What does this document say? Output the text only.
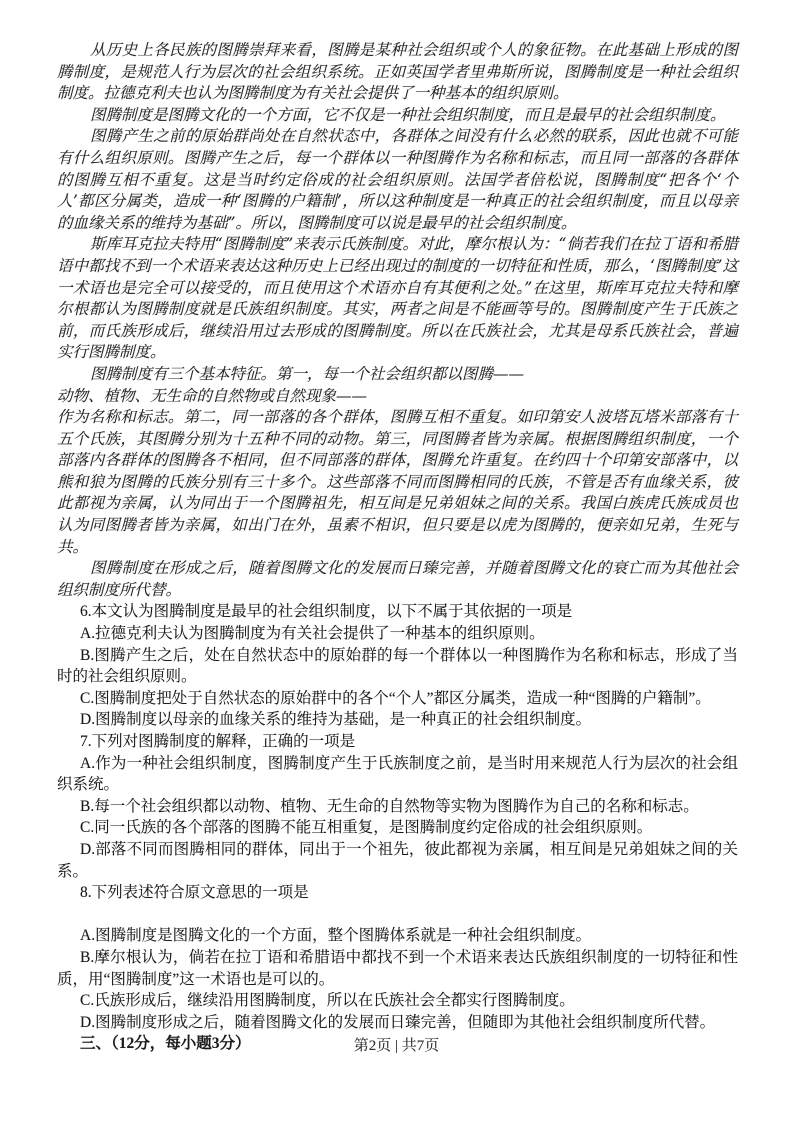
从历史上各民族的图腾崇拜来看，图腾是某种社会组织或个人的象征物。在此基础上形成的图腾制度，是规范人行为层次的社会组织系统。正如英国学者里弗斯所说，图腾制度是一种社会组织制度。拉德克利夫也认为图腾制度为有关社会提供了一种基本的组织原则。

图腾制度是图腾文化的一个方面，它不仅是一种社会组织制度，而且是最早的社会组织制度。

图腾产生之前的原始群尚处在自然状态中，各群体之间没有什么必然的联系，因此也就不可能有什么组织原则。图腾产生之后，每一个群体以一种图腾作为名称和标志，而且同一部落的各群体的图腾互相不重复。这是当时约定俗成的社会组织原则。法国学者倍松说，图腾制度“把各个‘个人’都区分属类，造成一种‘图腾的户籍制’，所以这种制度是一种真正的社会组织制度，而且以母亲的血缘关系的维持为基础”。所以，图腾制度可以说是最早的社会组织制度。

斯库耳克拉夫特用“图腾制度”来表示氏族制度。对此，摩尔根认为：“倘若我们在拉丁语和希腊语中都找不到一个术语来表达这种历史上已经出现过的制度的一切特征和性质，那么，‘图腾制度’这一术语也是完全可以接受的，而且使用这个术语亦自有其便利之处。”在这里，斯库耳克拉夫特和摩尔根都认为图腾制度就是氏族组织制度。其实，两者之间是不能画等号的。图腾制度产生于氏族之前，而氏族形成后，继续沿用过去形成的图腾制度。所以在氏族社会，尤其是母系氏族社会，普遍实行图腾制度。

图腾制度有三个基本特征。第一，每一个社会组织都以图腾——

动物、植物、无生命的自然物或自然现象——

作为名称和标志。第二，同一部落的各个群体，图腾互相不重复。如印第安人波塔瓦塔米部落有十五个氏族，其图腾分别为十五种不同的动物。第三，同图腾者皆为亲属。根据图腾组织制度，一个部落内各群体的图腾各不相同，但不同部落的群体，图腾允许重复。在约四十个印第安部落中，以熊和狼为图腾的氏族分别有三十多个。这些部落不同而图腾相同的氏族，不管是否有血缘关系，彼此都视为亲属，认为同出于一个图腾祖先，相互间是兄弟姐妹之间的关系。我国白族虎氏族成员也认为同图腾者皆为亲属，如出门在外，虽素不相识，但只要是以虎为图腾的，便亲如兄弟，生死与共。

图腾制度在形成之后，随着图腾文化的发展而日臻完善，并随着图腾文化的衰亡而为其他社会组织制度所代替。

6.本文认为图腾制度是最早的社会组织制度，以下不属于其依据的一项是

A.拉德克利夫认为图腾制度为有关社会提供了一种基本的组织原则。

B.图腾产生之后，处在自然状态中的原始群的每一个群体以一种图腾作为名称和标志，形成了当时的社会组织原则。

C.图腾制度把处于自然状态的原始群中的各个“个人”都区分属类，造成一种“图腾的户籍制”。

D.图腾制度以母亲的血缘关系的维持为基础，是一种真正的社会组织制度。

7.下列对图腾制度的解释，正确的一项是

A.作为一种社会组织制度，图腾制度产生于氏族制度之前，是当时用来规范人行为层次的社会组织系统。

B.每一个社会组织都以动物、植物、无生命的自然物等实物为图腾作为自己的名称和标志。

C.同一氏族的各个部落的图腾不能互相重复，是图腾制度约定俗成的社会组织原则。

D.部落不同而图腾相同的群体，同出于一个祖先，彼此都视为亲属，相互间是兄弟姐妹之间的关系。

8.下列表述符合原文意思的一项是

A.图腾制度是图腾文化的一个方面，整个图腾体系就是一种社会组织制度。

B.摩尔根认为，倘若在拉丁语和希腊语中都找不到一个术语来表达氏族组织制度的一切特征和性质，用“图腾制度”这一术语也是可以的。

C.氏族形成后，继续沿用图腾制度，所以在氏族社会全都实行图腾制度。

D.图腾制度形成之后，随着图腾文化的发展而日臻完善，但随即为其他社会组织制度所代替。

三、（12分，每小题3分）	第2页 | 共7页
